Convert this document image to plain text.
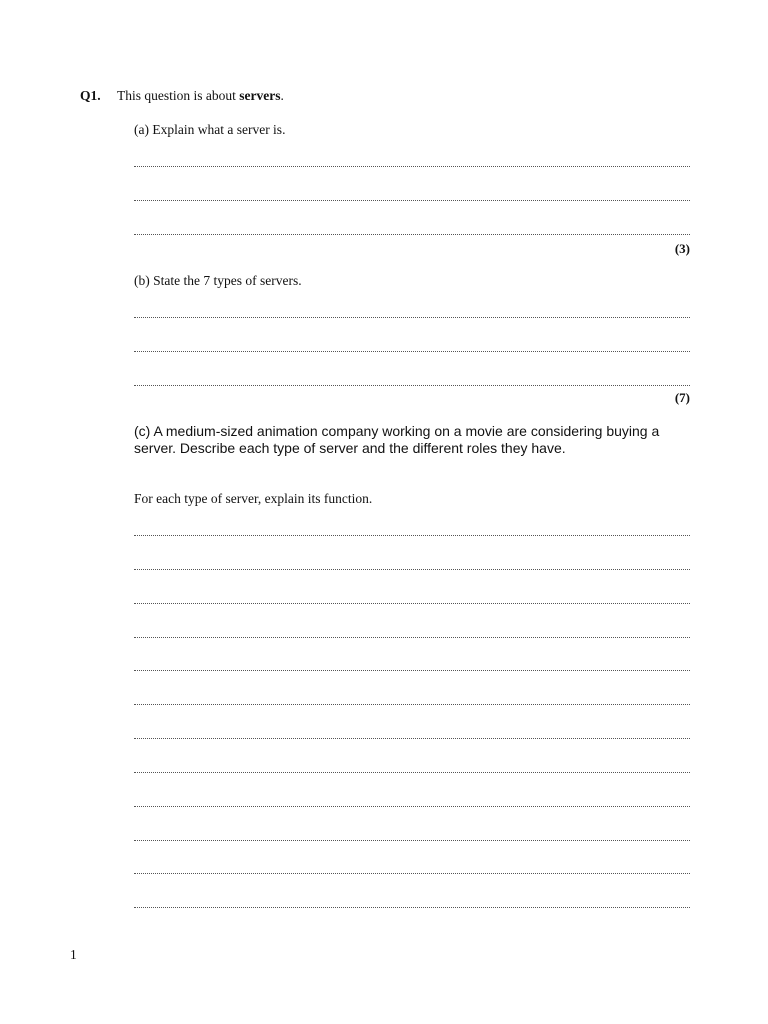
Q1. This question is about servers.
(a) Explain what a server is.
(3)
(b) State the 7 types of servers.
(7)
(c) A medium-sized animation company working on a movie are considering buying a server. Describe each type of server and the different roles they have.
For each type of server, explain its function.
1
